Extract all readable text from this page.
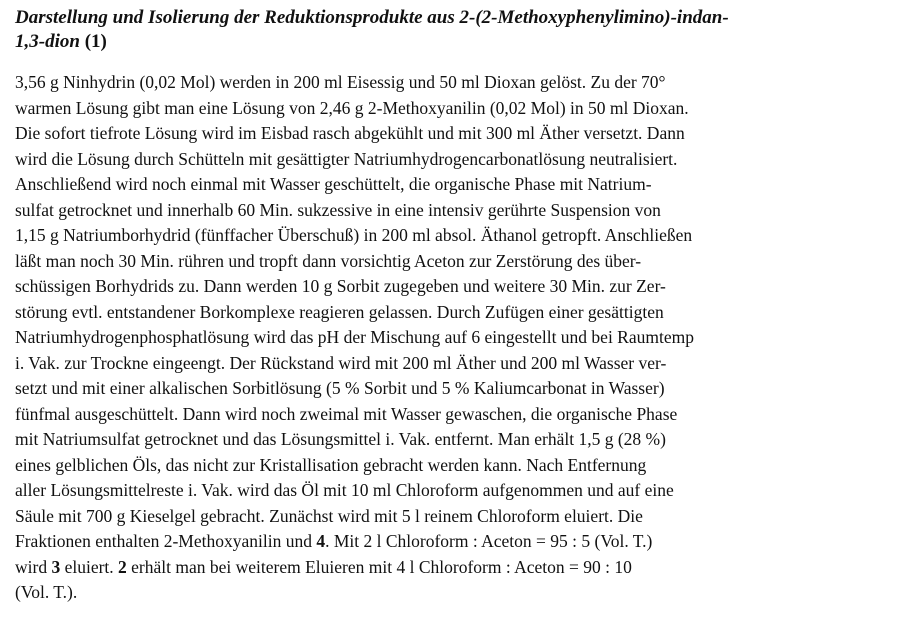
Darstellung und Isolierung der Reduktionsprodukte aus 2-(2-Methoxyphenylimino)-indan-
1,3-dion (1)
3,56 g Ninhydrin (0,02 Mol) werden in 200 ml Eisessig und 50 ml Dioxan gelöst. Zu der 70°
warmen Lösung gibt man eine Lösung von 2,46 g 2-Methoxyanilin (0,02 Mol) in 50 ml Dioxan.
Die sofort tiefrote Lösung wird im Eisbad rasch abgekühlt und mit 300 ml Äther versetzt. Dann
wird die Lösung durch Schütteln mit gesättigter Natriumhydrogencarbonatlösung neutralisiert.
Anschließend wird noch einmal mit Wasser geschüttelt, die organische Phase mit Natrium-
sulfat getrocknet und innerhalb 60 Min. sukzessive in eine intensiv gerührte Suspension von
1,15 g Natriumborhydrid (fünffacher Überschuß) in 200 ml absol. Äthanol getropft. Anschließen
läßt man noch 30 Min. rühren und tropft dann vorsichtig Aceton zur Zerstörung des über-
schüssigen Borhydrids zu. Dann werden 10 g Sorbit zugegeben und weitere 30 Min. zur Zer-
störung evtl. entstandener Borkomplexe reagieren gelassen. Durch Zufügen einer gesättigten
Natriumhydrogenphosphatlösung wird das pH der Mischung auf 6 eingestellt und bei Raumtemp
i. Vak. zur Trockne eingeengt. Der Rückstand wird mit 200 ml Äther und 200 ml Wasser ver-
setzt und mit einer alkalischen Sorbitlösung (5 % Sorbit und 5 % Kaliumcarbonat in Wasser)
fünfmal ausgeschüttelt. Dann wird noch zweimal mit Wasser gewaschen, die organische Phase
mit Natriumsulfat getrocknet und das Lösungsmittel i. Vak. entfernt. Man erhält 1,5 g (28 %)
eines gelblichen Öls, das nicht zur Kristallisation gebracht werden kann. Nach Entfernung
aller Lösungsmittelreste i. Vak. wird das Öl mit 10 ml Chloroform aufgenommen und auf eine
Säule mit 700 g Kieselgel gebracht. Zunächst wird mit 5 l reinem Chloroform eluiert. Die
Fraktionen enthalten 2-Methoxyanilin und 4. Mit 2 l Chloroform : Aceton = 95 : 5 (Vol. T.)
wird 3 eluiert. 2 erhält man bei weiterem Eluieren mit 4 l Chloroform : Aceton = 90 : 10
(Vol. T.).
